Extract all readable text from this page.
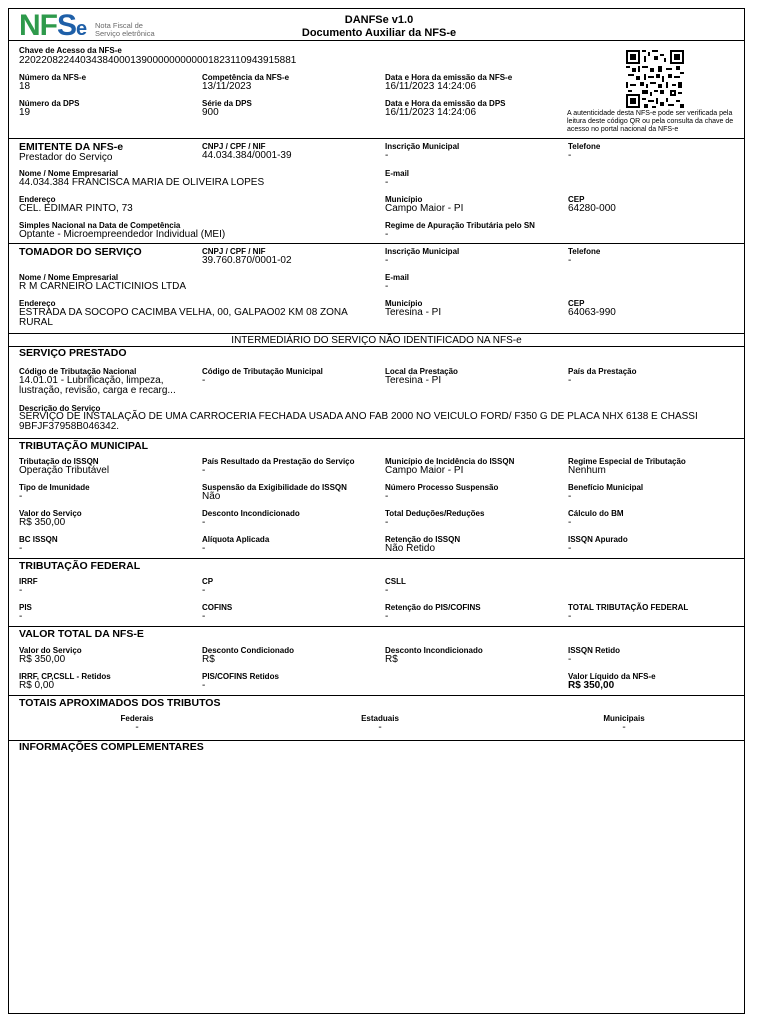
NFSe Nota Fiscal de
Serviço eletrônica
DANFSe v1.0
Documento Auxiliar da NFS-e
Chave de Acesso da NFS-e
22022082244034384000139000000000001823110943915881
Número da NFS-e
18
Competência da NFS-e
13/11/2023
Data e Hora da emissão da NFS-e
16/11/2023 14:24:06
Número da DPS
19
Série da DPS
900
Data e Hora da emissão da DPS
16/11/2023 14:24:06	A autenticidade desta NFS-e pode ser verificada pela leitura deste código QR ou pela consulta da chave de acesso no portal nacional da NFS-e
EMITENTE DA NFS-e
Prestador do Serviço
CNPJ / CPF / NIF
44.034.384/0001-39
Inscrição Municipal
-
Telefone
-
Nome / Nome Empresarial
44.034.384 FRANCISCA MARIA DE OLIVEIRA LOPES
E-mail
-
Endereço
CEL. EDIMAR PINTO, 73
Município
Campo Maior - PI
CEP
64280-000
Simples Nacional na Data de Competência
Optante - Microempreendedor Individual (MEI)
Regime de Apuração Tributária pelo SN
-
TOMADOR DO SERVIÇO	CNPJ / CPF / NIF
39.760.870/0001-02
Inscrição Municipal
-
Telefone
-
Nome / Nome Empresarial
R M CARNEIRO LACTICINIOS LTDA
E-mail
-
Endereço
ESTRADA DA SOCOPO CACIMBA VELHA, 00, GALPAO02 KM 08 ZONA RURAL
Município
Teresina - PI
CEP
64063-990
INTERMEDIÁRIO DO SERVIÇO NÃO IDENTIFICADO NA NFS-e
SERVIÇO PRESTADO
Código de Tributação Nacional
14.01.01 - Lubrificação, limpeza, lustração, revisão, carga e recarg...
Código de Tributação Municipal
-
Local da Prestação
Teresina - PI
País da Prestação
-
Descrição do Serviço
SERVIÇO DE INSTALAÇÃO DE UMA CARROCERIA FECHADA USADA ANO FAB 2000 NO VEICULO FORD/ F350 G DE PLACA NHX 6138 E CHASSI 9BFJF37958B046342.
TRIBUTAÇÃO MUNICIPAL
Tributação do ISSQN
Operação Tributável
País Resultado da Prestação do Serviço
-
Município de Incidência do ISSQN
Campo Maior - PI
Regime Especial de Tributação
Nenhum
Tipo de Imunidade
-
Suspensão da Exigibilidade do ISSQN
Não
Número Processo Suspensão
-
Benefício Municipal
-
Valor do Serviço
R$ 350,00
Desconto Incondicionado
-
Total Deduções/Reduções
-
Cálculo do BM
-
BC ISSQN
-
Alíquota Aplicada
-
Retenção do ISSQN
Não Retido
ISSQN Apurado
-
TRIBUTAÇÃO FEDERAL
IRRF
-
CP
-
CSLL
-
PIS
-
COFINS
-
Retenção do PIS/COFINS
-
TOTAL TRIBUTAÇÃO FEDERAL
-
VALOR TOTAL DA NFS-E
Valor do Serviço
R$ 350,00
Desconto Condicionado
R$
Desconto Incondicionado
R$
ISSQN Retido
-
IRRF, CP,CSLL - Retidos
R$ 0,00
PIS/COFINS Retidos
-
Valor Líquido da NFS-e
R$ 350,00
TOTAIS APROXIMADOS DOS TRIBUTOS
Federais
-
Estaduais
-
Municipais
-
INFORMAÇÕES COMPLEMENTARES
